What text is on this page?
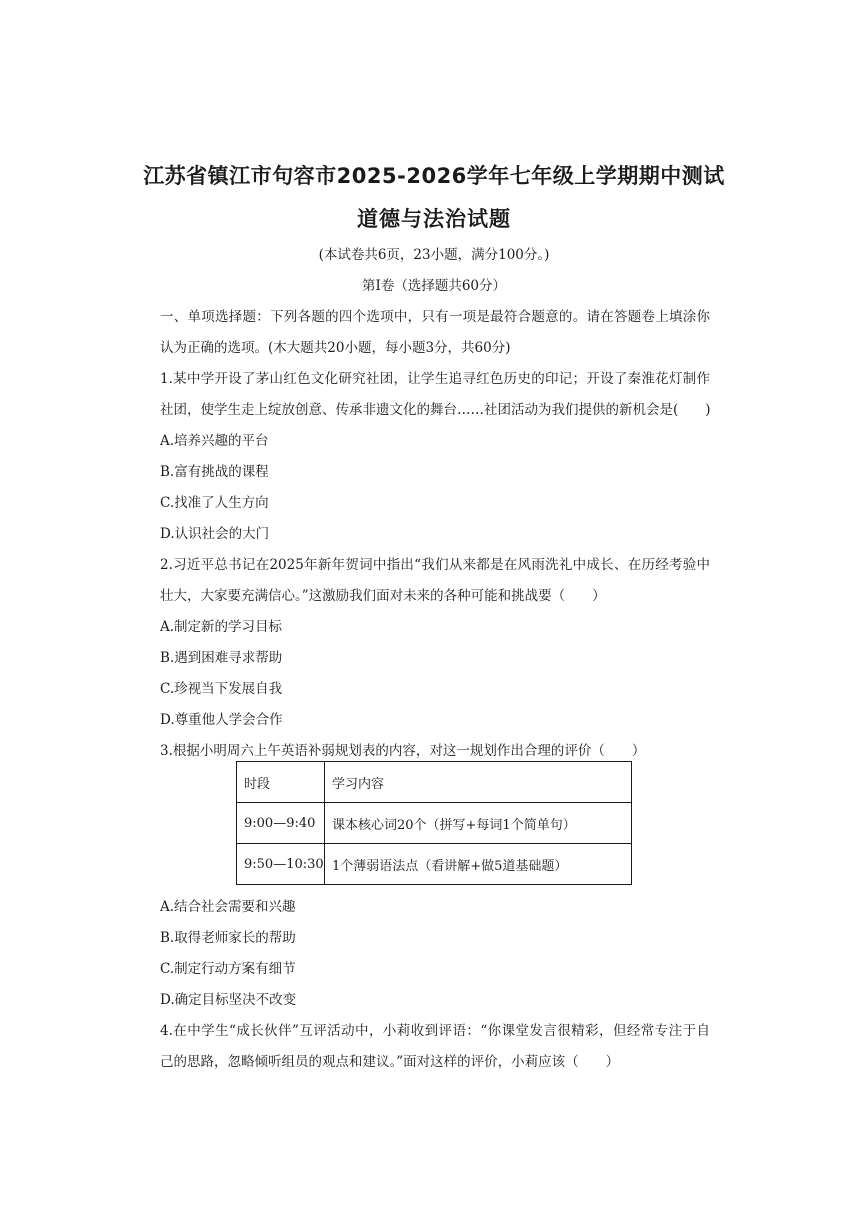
江苏省镇江市句容市2025-2026学年七年级上学期期中测试
道德与法治试题
(本试卷共6页，23小题，满分100分。)
第Ⅰ卷（选择题共60分）
一、单项选择题：下列各题的四个选项中，只有一项是最符合题意的。请在答题卷上填涂你
认为正确的选项。(木大题共20小题，每小题3分，共60分)
1.某中学开设了茅山红色文化研究社团，让学生追寻红色历史的印记；开设了秦淮花灯制作
社团，使学生走上绽放创意、传承非遗文化的舞台……社团活动为我们提供的新机会是(　　)
A.培养兴趣的平台
B.富有挑战的课程
C.找准了人生方向
D.认识社会的大门
2.习近平总书记在2025年新年贺词中指出“我们从来都是在风雨洗礼中成长、在历经考验中
壮大，大家要充满信心。”这激励我们面对未来的各种可能和挑战要（　　）
A.制定新的学习目标
B.遇到困难寻求帮助
C.珍视当下发展自我
D.尊重他人学会合作
3.根据小明周六上午英语补弱规划表的内容，对这一规划作出合理的评价（　　）
时段	学习内容
9:00—9:40	课本核心词20个（拼写+每词1个简单句）
9:50—10:30	1个薄弱语法点（看讲解+做5道基础题）
A.结合社会需要和兴趣
B.取得老师家长的帮助
C.制定行动方案有细节
D.确定目标坚决不改变
4.在中学生“成长伙伴”互评活动中，小莉收到评语：“你课堂发言很精彩，但经常专注于自
己的思路，忽略倾听组员的观点和建议。”面对这样的评价，小莉应该（　　）
